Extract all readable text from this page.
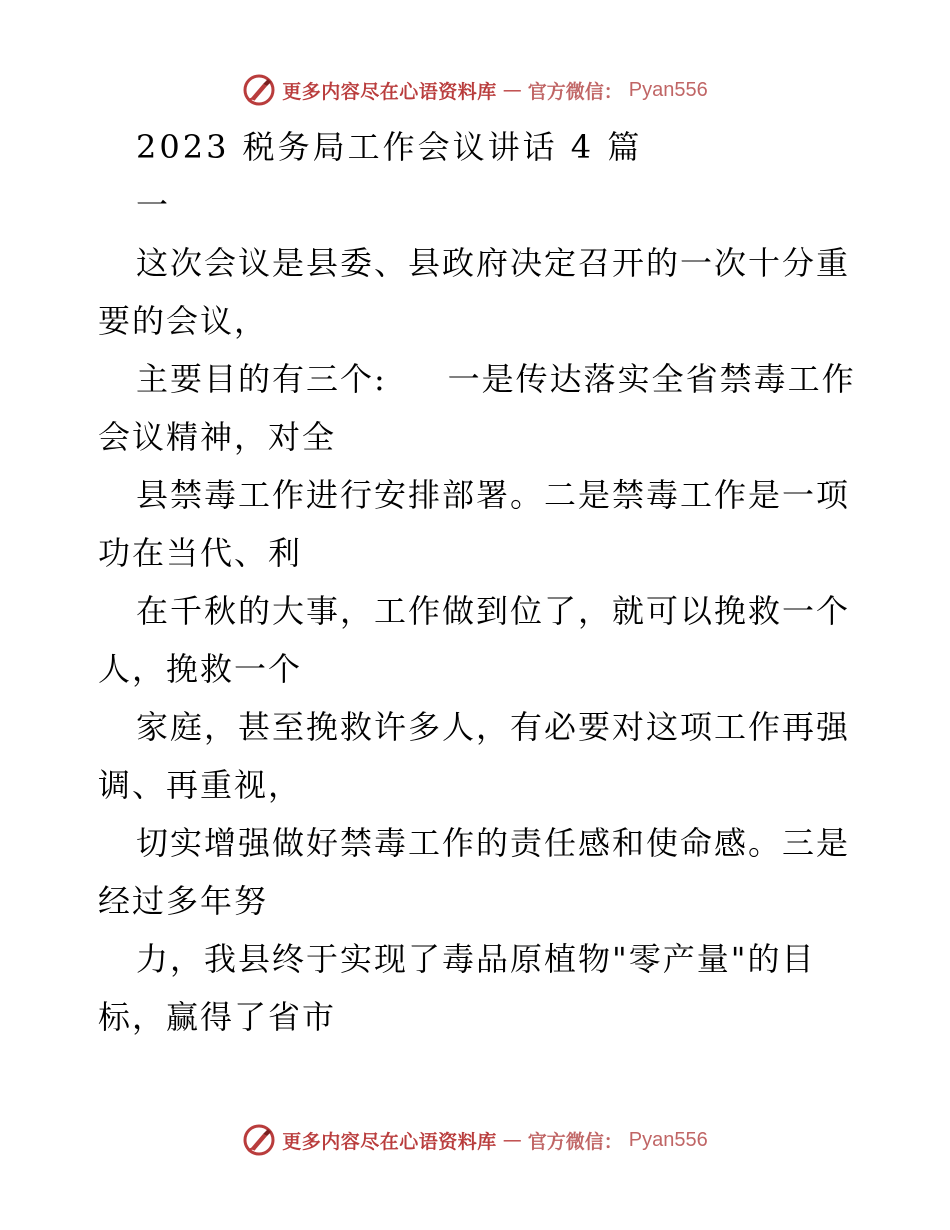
更多内容尽在心语资料库 — 官方微信： Pyan556
2023 税务局工作会议讲话 4 篇
一
这次会议是县委、县政府决定召开的一次十分重
要的会议，
主要目的有三个:     一是传达落实全省禁毒工作
会议精神，对全
县禁毒工作进行安排部署。二是禁毒工作是一项
功在当代、利
在千秋的大事，工作做到位了，就可以挽救一个
人，挽救一个
家庭，甚至挽救许多人，有必要对这项工作再强
调、再重视，
切实增强做好禁毒工作的责任感和使命感。三是
经过多年努
力，我县终于实现了毒品原植物"零产量"的目
标，赢得了省市
更多内容尽在心语资料库 — 官方微信： Pyan556
